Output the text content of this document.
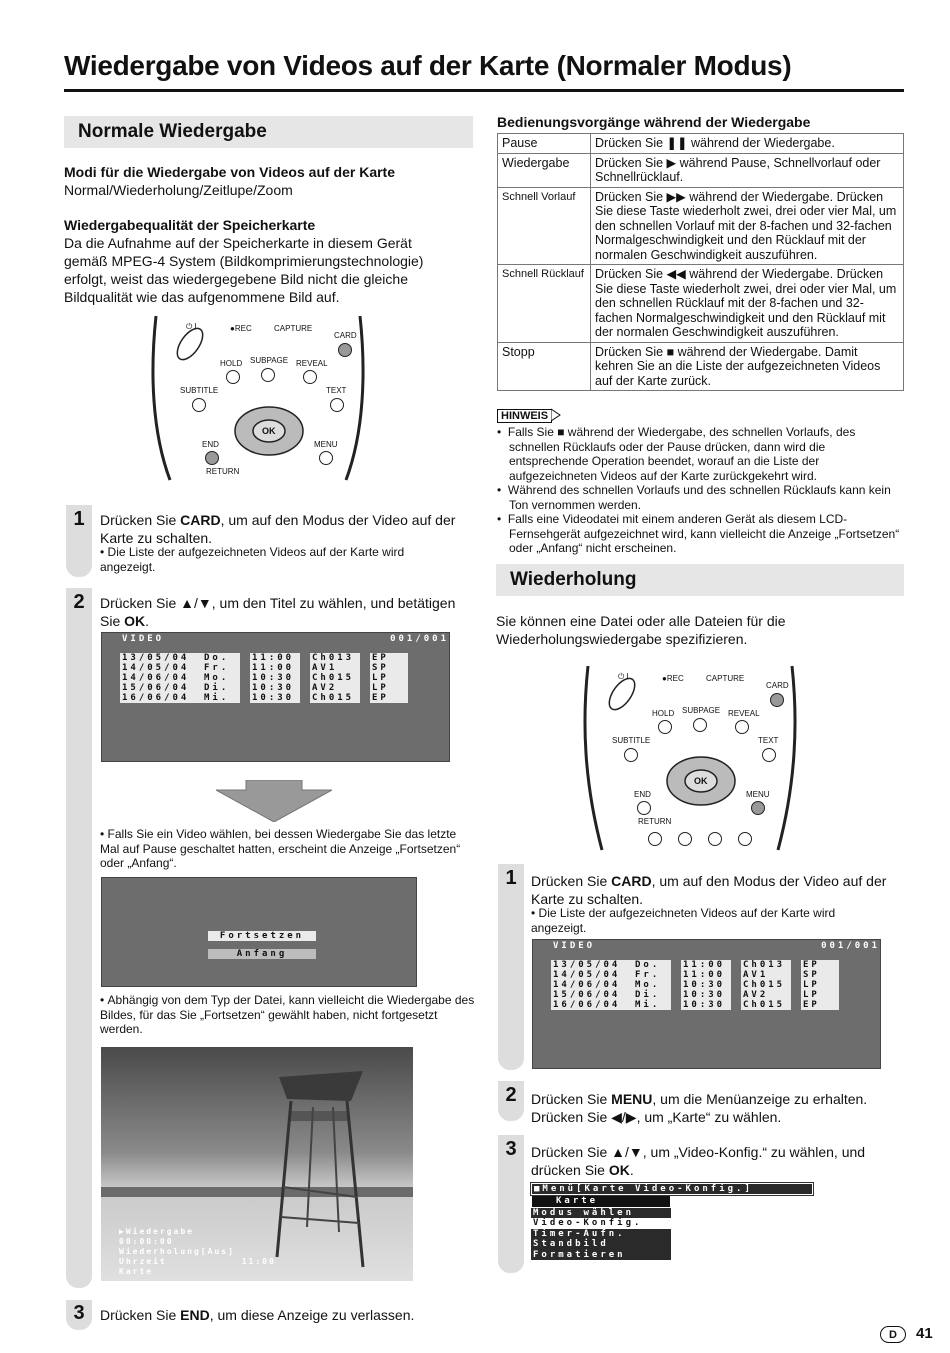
Wiedergabe von Videos auf der Karte (Normaler Modus)
Normale Wiedergabe
Modi für die Wiedergabe von Videos auf der Karte
Normal/Wiederholung/Zeitlupe/Zoom
Wiedergabequalität der Speicherkarte
Da die Aufnahme auf der Speicherkarte in diesem Gerät gemäß MPEG-4 System (Bildkomprimierungstechnologie) erfolgt, weist das wiedergegebene Bild nicht die gleiche Bildqualität wie das aufgenommene Bild auf.
⏻ I	●REC	CAPTURE
CARD
HOLD SUBPAGE REVEAL
SUBTITLE	TEXT
OK
END	MENU
RETURN
1	Drücken Sie CARD, um auf den Modus der Video auf der Karte zu schalten.
• Die Liste der aufgezeichneten Videos auf der Karte wird angezeigt.
2	Drücken Sie ▲/▼, um den Titel zu wählen, und betätigen Sie OK.
VIDEO	001/001
13/05/04	Do.	11:00	Ch013	EP
14/05/04	Fr.	11:00	AV1	SP
14/06/04	Mo.	10:30	Ch015	LP
15/06/04	Di.	10:30	AV2	LP
16/06/04	Mi.	10:30	Ch015	EP
• Falls Sie ein Video wählen, bei dessen Wiedergabe Sie das letzte Mal auf Pause geschaltet hatten, erscheint die Anzeige „Fortsetzen“ oder „Anfang“.
Fortsetzen
Anfang
• Abhängig von dem Typ der Datei, kann vielleicht die Wiedergabe des Bildes, für das Sie „Fortsetzen“ gewählt haben, nicht fortgesetzt werden.
▶Wiedergabe
00:00:00
Wiederholung[Aus]
Uhrzeit           11:00
Karte
3	Drücken Sie END, um diese Anzeige zu verlassen.
Bedienungsvorgänge während der Wiedergabe
Pause	Drücken Sie ❚❚ während der Wiedergabe.
Wiedergabe	Drücken Sie ▶ während Pause, Schnellvorlauf oder Schnellrücklauf.
Schnell Vorlauf	Drücken Sie ▶▶ während der Wiedergabe. Drücken Sie diese Taste wiederholt zwei, drei oder vier Mal, um den schnellen Vorlauf mit der 8-fachen und 32-fachen Normalgeschwindigkeit und den Rücklauf mit der normalen Geschwindigkeit auszuführen.
Schnell Rücklauf	Drücken Sie ◀◀ während der Wiedergabe. Drücken Sie diese Taste wiederholt zwei, drei oder vier Mal, um den schnellen Rücklauf mit der 8-fachen und 32-fachen Normalgeschwindigkeit und den Rücklauf mit der normalen Geschwindigkeit auszuführen.
Stopp	Drücken Sie ■ während der Wiedergabe. Damit kehren Sie an die Liste der aufgezeichneten Videos auf der Karte zurück.
HINWEIS
•  Falls Sie ■ während der Wiedergabe, des schnellen Vorlaufs, des schnellen Rücklaufs oder der Pause drücken, dann wird die entsprechende Operation beendet, worauf an die Liste der aufgezeichneten Videos auf der Karte zurückgekehrt wird.
•  Während des schnellen Vorlaufs und des schnellen Rücklaufs kann kein Ton vernommen werden.
•  Falls eine Videodatei mit einem anderen Gerät als diesem LCD-Fernsehgerät aufgezeichnet wird, kann vielleicht die Anzeige „Fortsetzen“ oder „Anfang“ nicht erscheinen.
Wiederholung
Sie können eine Datei oder alle Dateien für die Wiederholungswiedergabe spezifizieren.
⏻ I	●REC	CAPTURE
CARD
HOLD SUBPAGE REVEAL
SUBTITLE	TEXT
OK
END	MENU
RETURN
1	Drücken Sie CARD, um auf den Modus der Video auf der Karte zu schalten.
• Die Liste der aufgezeichneten Videos auf der Karte wird angezeigt.
VIDEO	001/001
13/05/04	Do.	11:00	Ch013	EP
14/05/04	Fr.	11:00	AV1	SP
14/06/04	Mo.	10:30	Ch015	LP
15/06/04	Di.	10:30	AV2	LP
16/06/04	Mi.	10:30	Ch015	EP
2	Drücken Sie MENU, um die Menüanzeige zu erhalten. Drücken Sie ◀/▶, um „Karte“ zu wählen.
3	Drücken Sie ▲/▼, um „Video-Konfig.“ zu wählen, und drücken Sie OK.
■Menü[Karte Video-Konfig.]
Karte
Modus wählen
Video-Konfig.
Timer-Aufn.
Standbild
Formatieren
D	41
